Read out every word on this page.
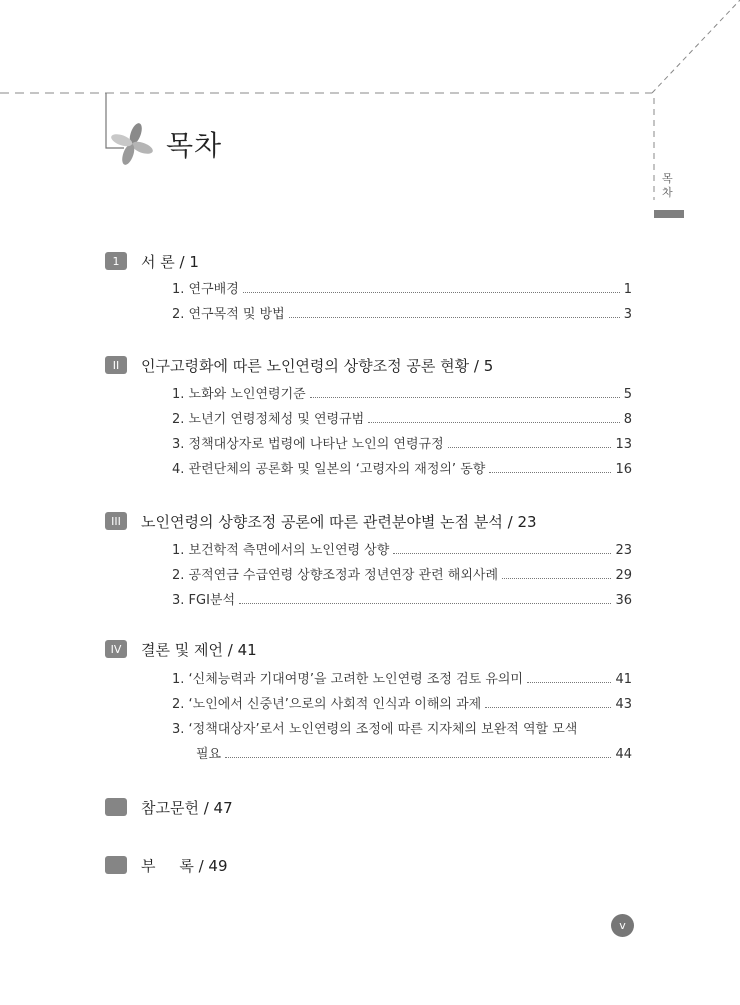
목차
목
차
1	서 론 / 1
1. 연구배경	1
2. 연구목적 및 방법	3
II	인구고령화에 따른 노인연령의 상향조정 공론 현황 / 5
1. 노화와 노인연령기준	5
2. 노년기 연령정체성 및 연령규범	8
3. 정책대상자로 법령에 나타난 노인의 연령규정	13
4. 관련단체의 공론화 및 일본의 ‘고령자의 재정의’ 동향	16
III	노인연령의 상향조정 공론에 따른 관련분야별 논점 분석 / 23
1. 보건학적 측면에서의 노인연령 상향	23
2. 공적연금 수급연령 상향조정과 정년연장 관련 해외사례	29
3. FGI분석	36
IV	결론 및 제언 / 41
1. ‘신체능력과 기대여명’을 고려한 노인연령 조정 검토 유의미	41
2. ‘노인에서 신중년’으로의 사회적 인식과 이해의 과제	43
3. ‘정책대상자’로서 노인연령의 조정에 따른 지자체의 보완적 역할 모색
필요	44
참고문헌 / 47
부     록 / 49
v
